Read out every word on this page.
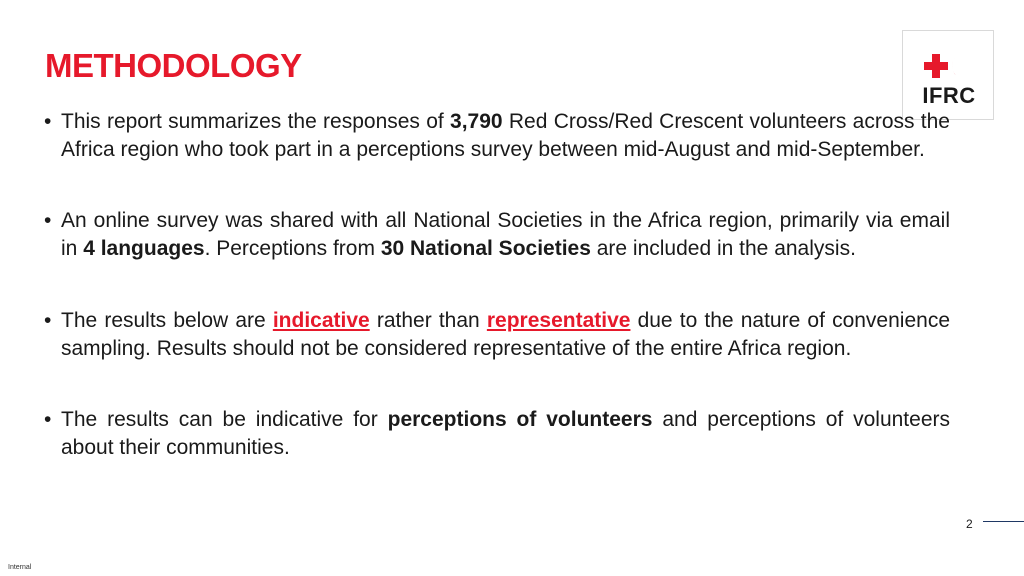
METHODOLOGY
IFRC
• This report summarizes the responses of 3,790 Red Cross/Red Crescent volunteers across the Africa region who took part in a perceptions survey between mid-August and mid-September.
• An online survey was shared with all National Societies in the Africa region, primarily via email in 4 languages. Perceptions from 30 National Societies are included in the analysis.
• The results below are indicative rather than representative due to the nature of convenience sampling. Results should not be considered representative of the entire Africa region.
• The results can be indicative for perceptions of volunteers and perceptions of volunteers about their communities.
2
Internal
